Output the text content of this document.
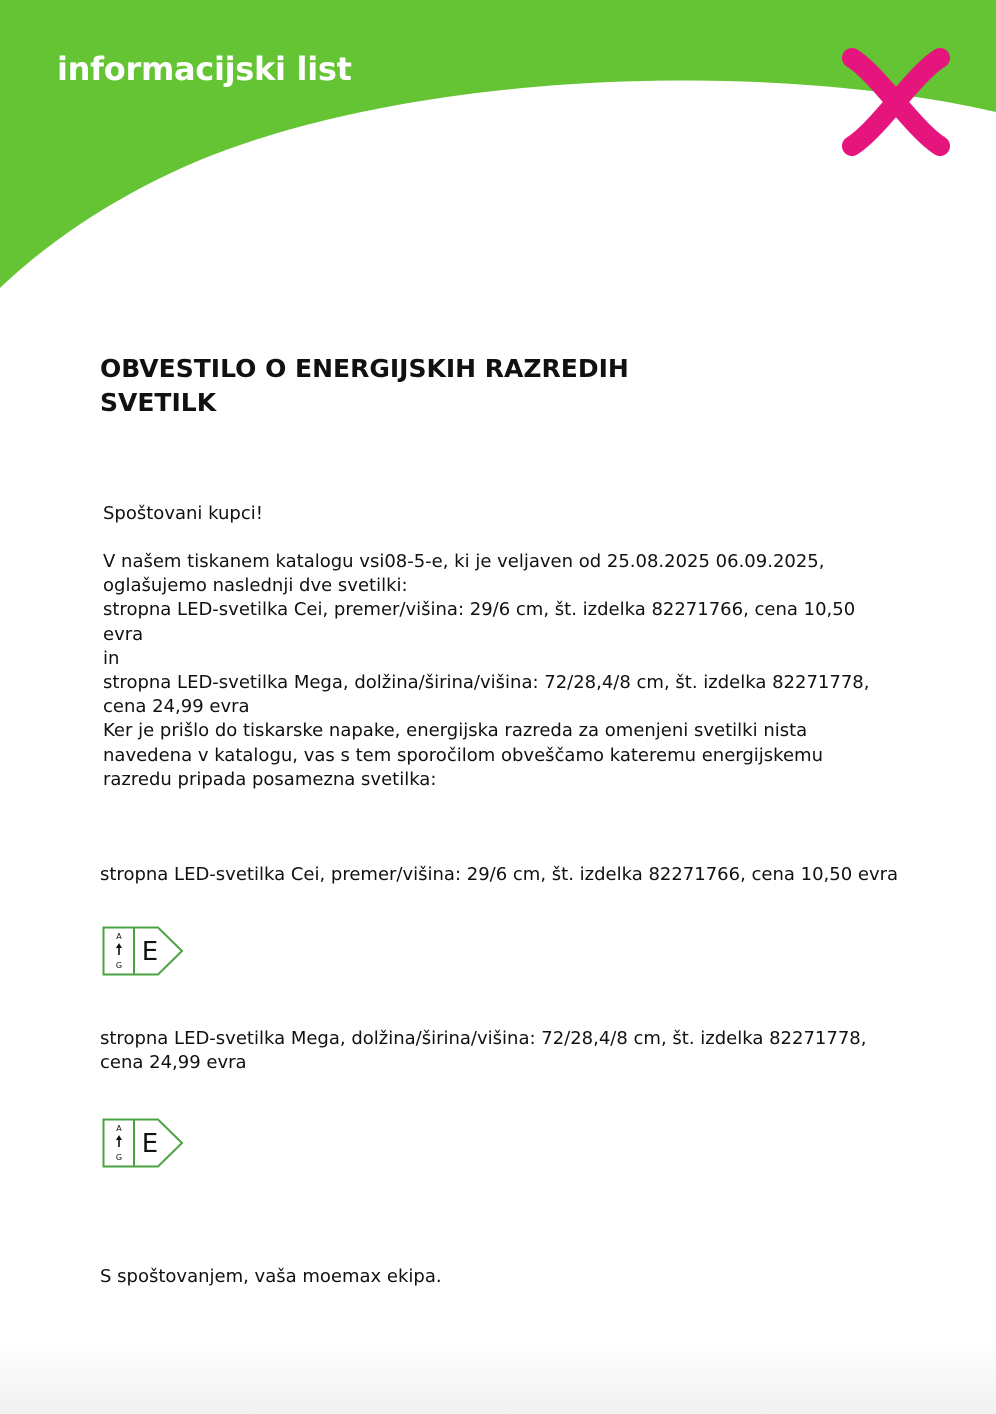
informacijski list
OBVESTILO O ENERGIJSKIH RAZREDIH
SVETILK

Spoštovani kupci!

V našem tiskanem katalogu vsi08-5-e, ki je veljaven od 25.08.2025 06.09.2025,
oglašujemo naslednji dve svetilki:
stropna LED-svetilka Cei, premer/višina: 29/6 cm, št. izdelka 82271766, cena 10,50
evra
in
stropna LED-svetilka Mega, dolžina/širina/višina: 72/28,4/8 cm, št. izdelka 82271778,
cena 24,99 evra
Ker je prišlo do tiskarske napake, energijska razreda za omenjeni svetilki nista
navedena v katalogu, vas s tem sporočilom obveščamo kateremu energijskemu
razredu pripada posamezna svetilka:
stropna LED-svetilka Cei, premer/višina: 29/6 cm, št. izdelka 82271766, cena 10,50 evra
A
G E
stropna LED-svetilka Mega, dolžina/širina/višina: 72/28,4/8 cm, št. izdelka 82271778,
cena 24,99 evra
A
G E

S spoštovanjem, vaša moemax ekipa.
